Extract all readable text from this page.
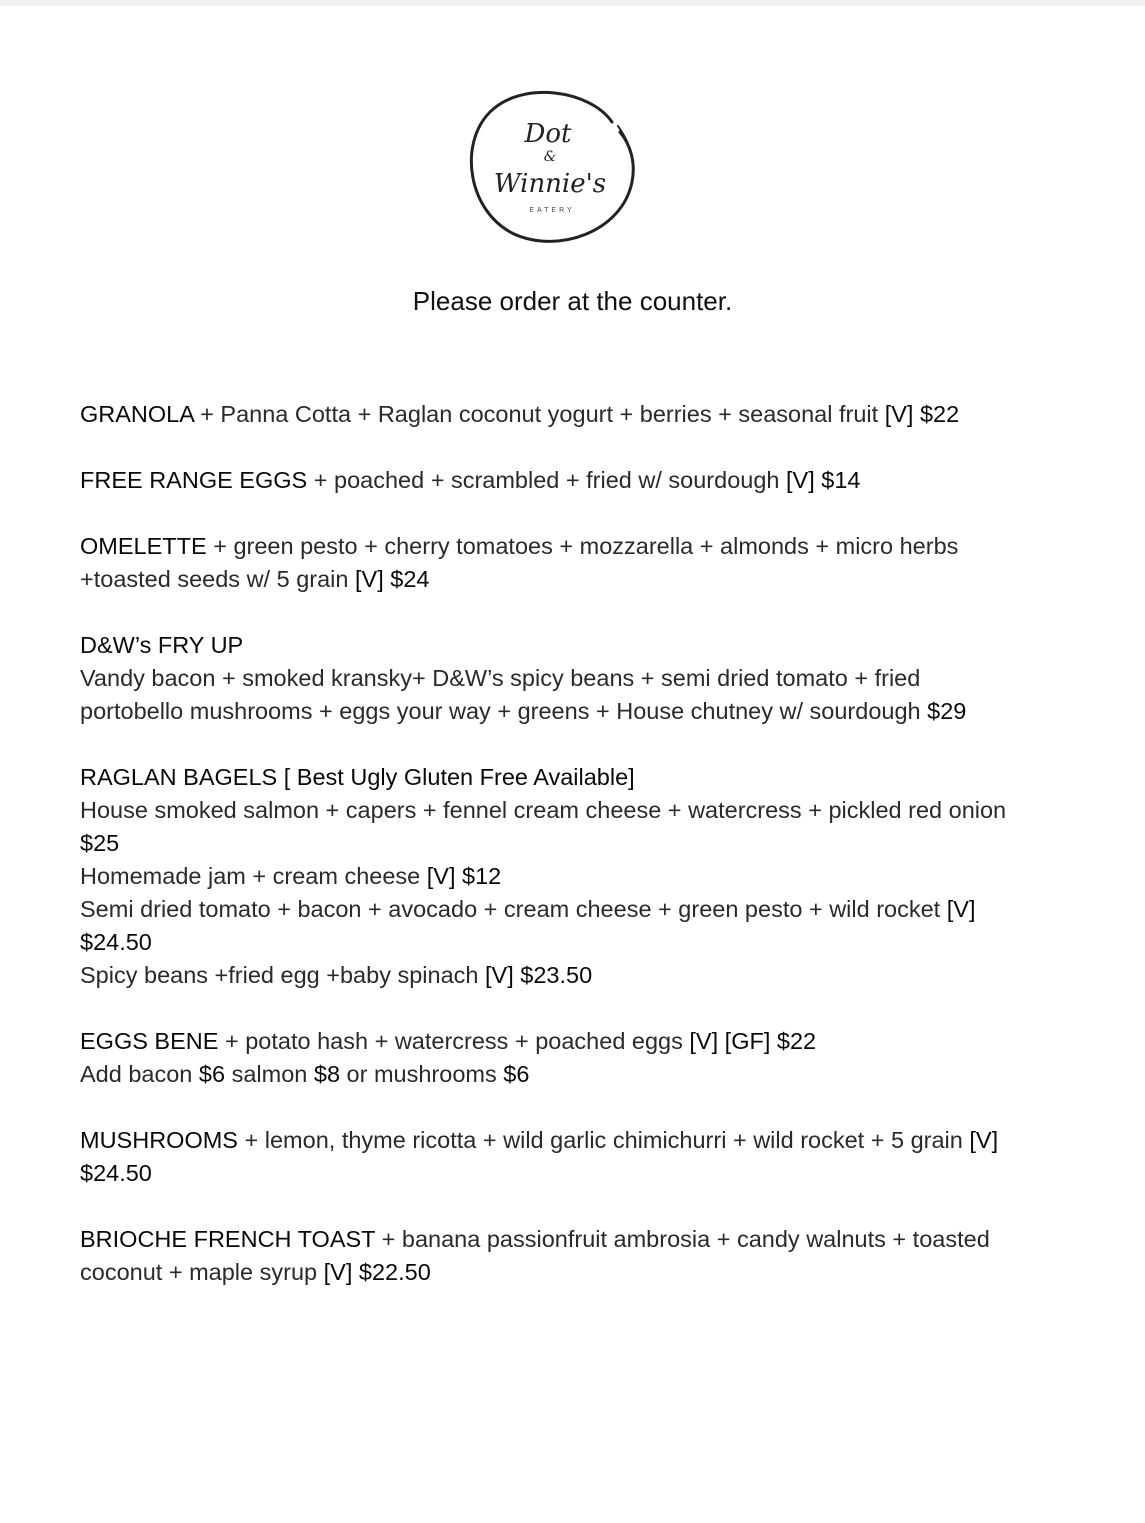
Dot
&
Winnie's
EATERY
Please order at the counter.
GRANOLA + Panna Cotta + Raglan coconut yogurt + berries + seasonal fruit [V] $22
FREE RANGE EGGS + poached + scrambled + fried w/ sourdough [V] $14
OMELETTE + green pesto + cherry tomatoes + mozzarella + almonds + micro herbs
+toasted seeds w/ 5 grain [V] $24
D&W’s FRY UP
Vandy bacon + smoked kransky+ D&W’s spicy beans + semi dried tomato + fried
portobello mushrooms + eggs your way + greens + House chutney w/ sourdough $29
RAGLAN BAGELS [ Best Ugly Gluten Free Available]
House smoked salmon + capers + fennel cream cheese + watercress + pickled red onion
$25
Homemade jam + cream cheese [V] $12
Semi dried tomato + bacon + avocado + cream cheese + green pesto + wild rocket [V]
$24.50
Spicy beans +fried egg +baby spinach [V] $23.50
EGGS BENE + potato hash + watercress + poached eggs [V] [GF] $22
Add bacon $6 salmon $8 or mushrooms $6
MUSHROOMS + lemon, thyme ricotta + wild garlic chimichurri + wild rocket + 5 grain [V]
$24.50
BRIOCHE FRENCH TOAST + banana passionfruit ambrosia + candy walnuts + toasted
coconut + maple syrup [V] $22.50
